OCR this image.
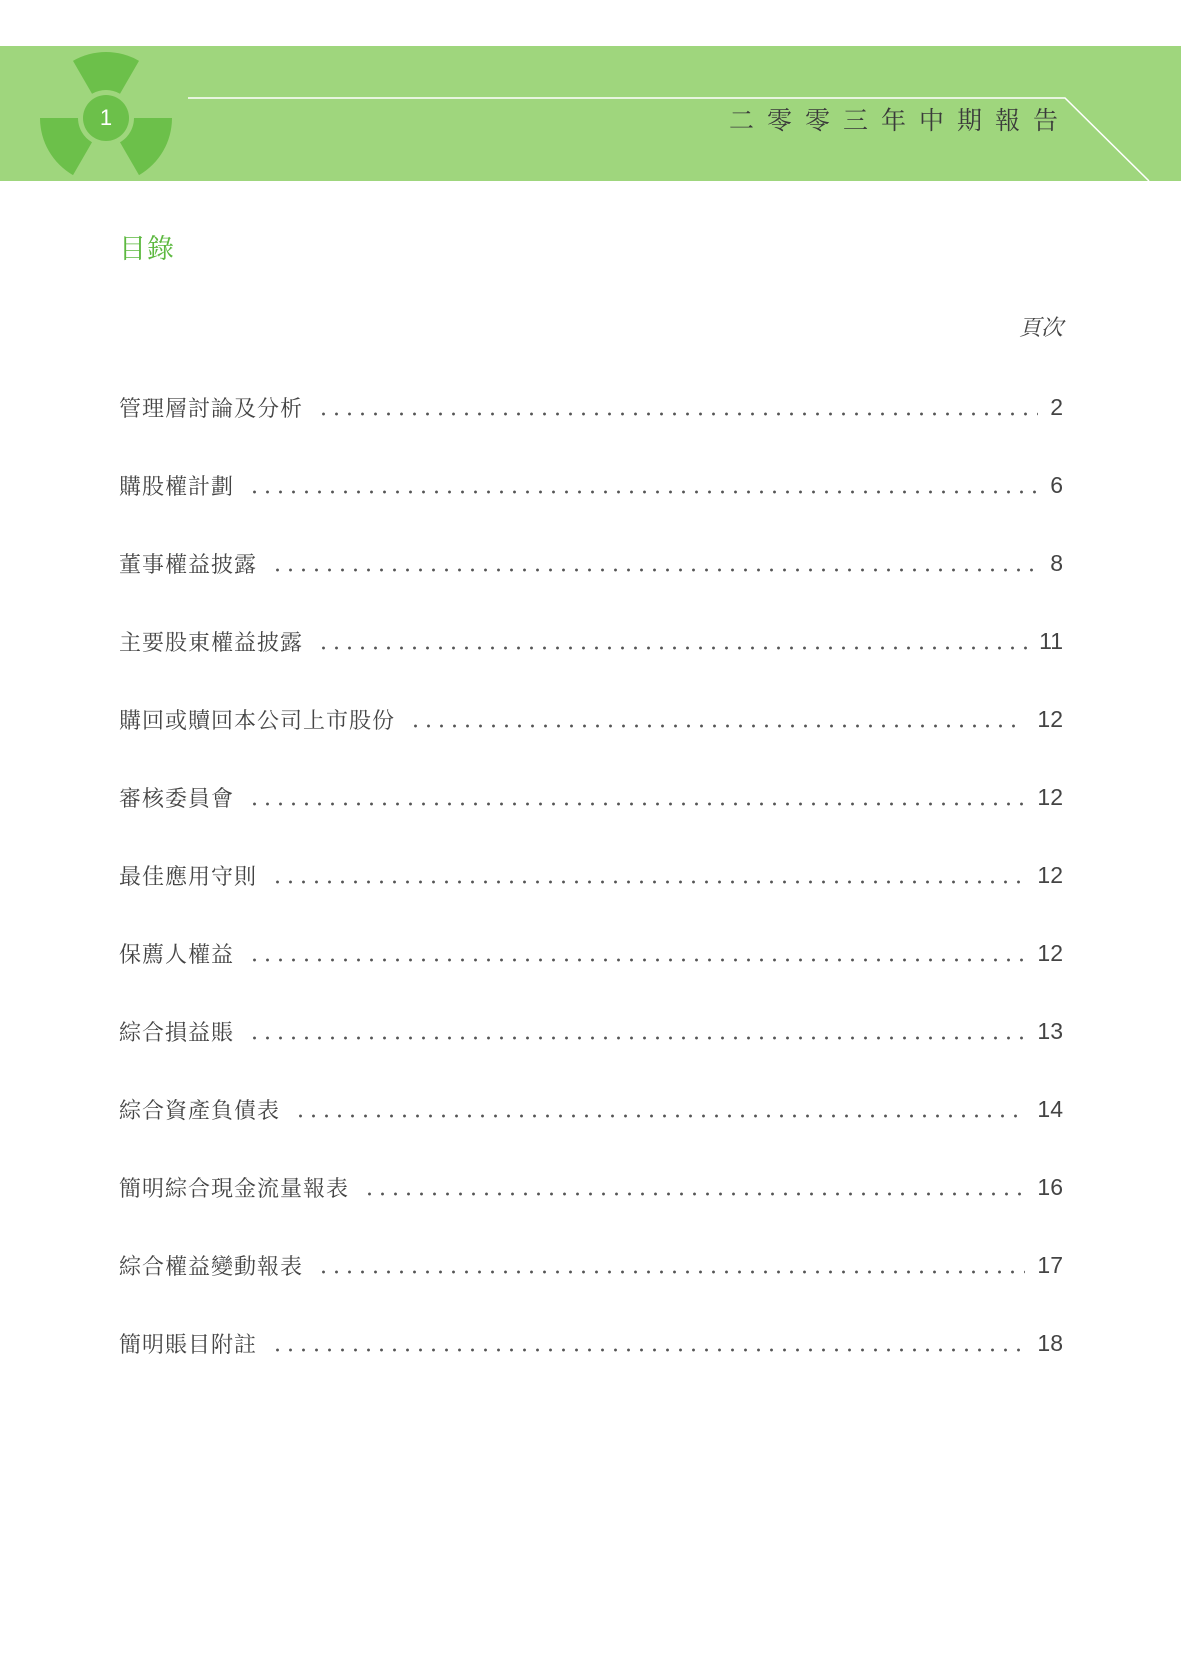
1	二零零三年中期報告
目錄
頁次
管理層討論及分析	2
購股權計劃	6
董事權益披露	8
主要股東權益披露	11
購回或贖回本公司上市股份	12
審核委員會	12
最佳應用守則	12
保薦人權益	12
綜合損益賬	13
綜合資產負債表	14
簡明綜合現金流量報表	16
綜合權益變動報表	17
簡明賬目附註	18
